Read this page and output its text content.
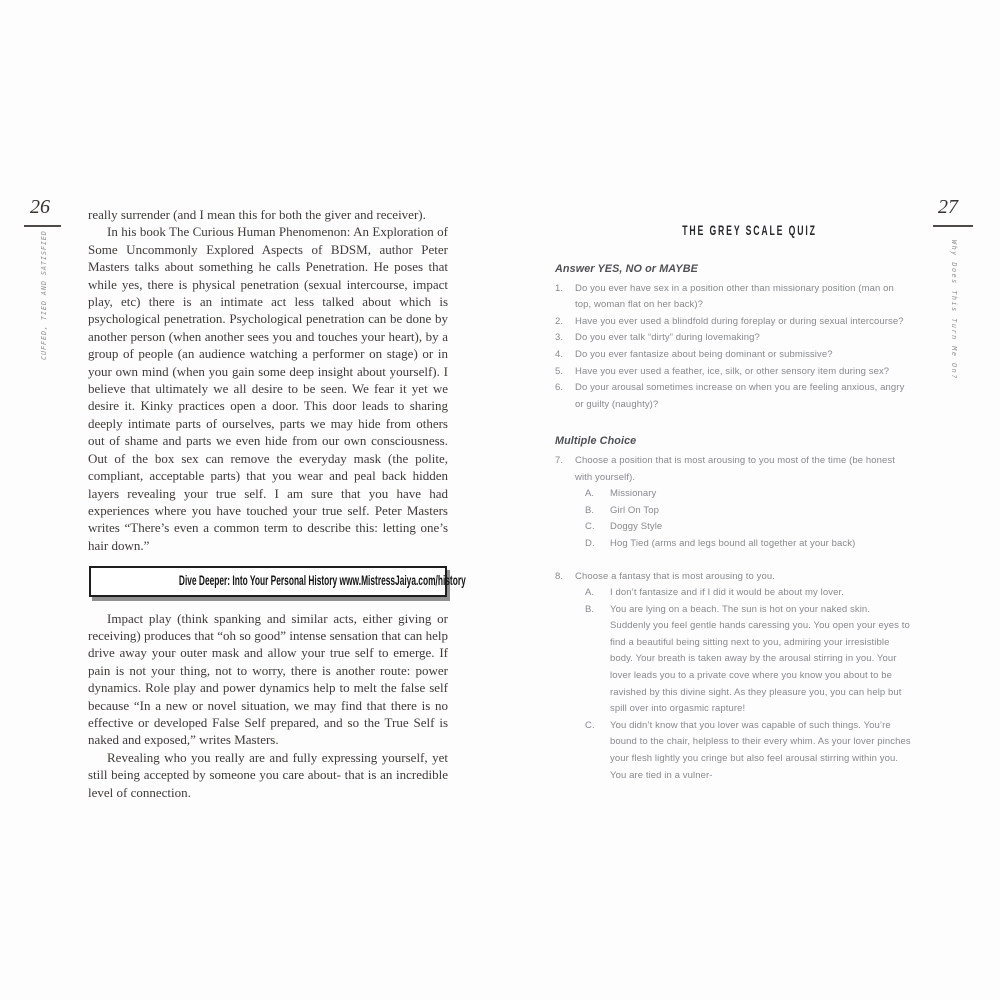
26
CUFFED, TIED AND SATISFIED

really surrender (and I mean this for both the giver and receiver).

In his book The Curious Human Phenomenon: An Exploration of Some Uncommonly Explored Aspects of BDSM, author Peter Masters talks about something he calls Penetration. He poses that while yes, there is physical penetration (sexual intercourse, impact play, etc) there is an intimate act less talked about which is psychological penetration. Psychological penetration can be done by another person (when another sees you and touches your heart), by a group of people (an audience watching a performer on stage) or in your own mind (when you gain some deep insight about yourself). I believe that ultimately we all desire to be seen. We fear it yet we desire it. Kinky practices open a door. This door leads to sharing deeply intimate parts of ourselves, parts we may hide from others out of shame and parts we even hide from our own consciousness. Out of the box sex can remove the everyday mask (the polite, compliant, acceptable parts) that you wear and peal back hidden layers revealing your true self. I am sure that you have had experiences where you have touched your true self. Peter Masters writes “There’s even a common term to describe this: letting one’s hair down.”

Dive Deeper: Into Your Personal History www.MistressJaiya.com/history

Impact play (think spanking and similar acts, either giving or receiving) produces that “oh so good” intense sensation that can help drive away your outer mask and allow your true self to emerge. If pain is not your thing, not to worry, there is another route: power dynamics. Role play and power dynamics help to melt the false self because “In a new or novel situation, we may find that there is no effective or developed False Self prepared, and so the True Self is naked and exposed,” writes Masters.

Revealing who you really are and fully expressing yourself, yet still being accepted by someone you care about- that is an incredible level of connection.

27
Why Does This Turn Me On?
THE GREY SCALE QUIZ
Answer YES, NO or MAYBE
1.	Do you ever have sex in a position other than missionary position (man on top, woman flat on her back)?
2.	Have you ever used a blindfold during foreplay or during sexual intercourse?
3.	Do you ever talk “dirty” during lovemaking?
4.	Do you ever fantasize about being dominant or submissive?
5.	Have you ever used a feather, ice, silk, or other sensory item during sex?
6.	Do your arousal sometimes increase on when you are feeling anxious, angry or guilty (naughty)?
Multiple Choice
7.	Choose a position that is most arousing to you most of the time (be honest with yourself).
A.	Missionary
B.	Girl On Top
C.	Doggy Style
D.	Hog Tied (arms and legs bound all together at your back)
8.	Choose a fantasy that is most arousing to you.
A.	I don’t fantasize and if I did it would be about my lover.
B.	You are lying on a beach. The sun is hot on your naked skin. Suddenly you feel gentle hands caressing you. You open your eyes to find a beautiful being sitting next to you, admiring your irresistible body. Your breath is taken away by the arousal stirring in you. Your lover leads you to a private cove where you know you about to be ravished by this divine sight. As they pleasure you, you can help but spill over into orgasmic rapture!
C.	You didn’t know that you lover was capable of such things. You’re bound to the chair, helpless to their every whim. As your lover pinches your flesh lightly you cringe but also feel arousal stirring within you. You are tied in a vulner-
